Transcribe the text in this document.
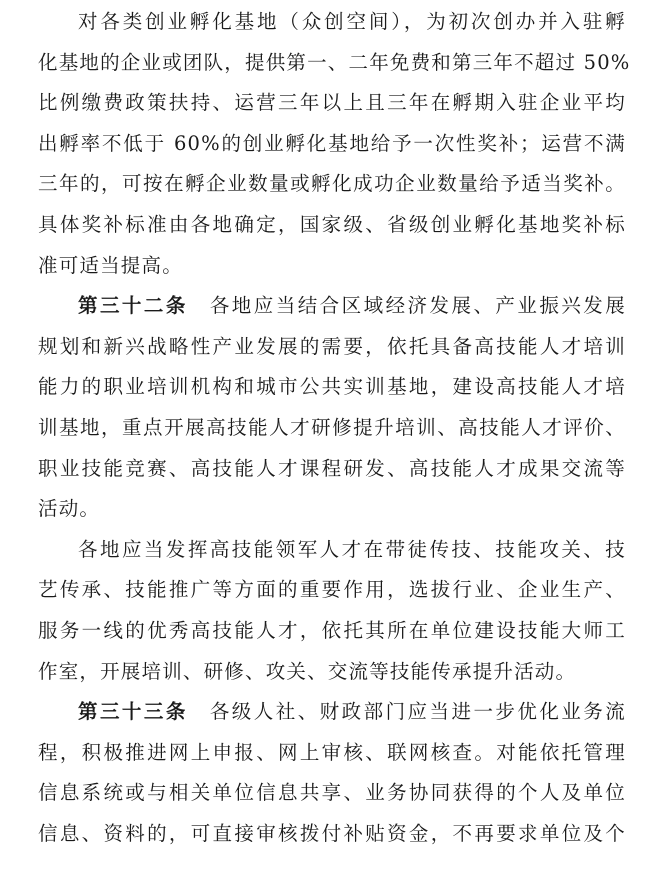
对各类创业孵化基地（众创空间），为初次创办并入驻孵
化基地的企业或团队，提供第一、二年免费和第三年不超过 50%
比例缴费政策扶持、运营三年以上且三年在孵期入驻企业平均
出孵率不低于 60%的创业孵化基地给予一次性奖补；运营不满
三年的，可按在孵企业数量或孵化成功企业数量给予适当奖补。
具体奖补标准由各地确定，国家级、省级创业孵化基地奖补标
准可适当提高。
第三十二条 各地应当结合区域经济发展、产业振兴发展
规划和新兴战略性产业发展的需要，依托具备高技能人才培训
能力的职业培训机构和城市公共实训基地，建设高技能人才培
训基地，重点开展高技能人才研修提升培训、高技能人才评价、
职业技能竞赛、高技能人才课程研发、高技能人才成果交流等
活动。
各地应当发挥高技能领军人才在带徒传技、技能攻关、技
艺传承、技能推广等方面的重要作用，选拔行业、企业生产、
服务一线的优秀高技能人才，依托其所在单位建设技能大师工
作室，开展培训、研修、攻关、交流等技能传承提升活动。
第三十三条 各级人社、财政部门应当进一步优化业务流
程，积极推进网上申报、网上审核、联网核查。对能依托管理
信息系统或与相关单位信息共享、业务协同获得的个人及单位
信息、资料的，可直接审核拨付补贴资金，不再要求单位及个
